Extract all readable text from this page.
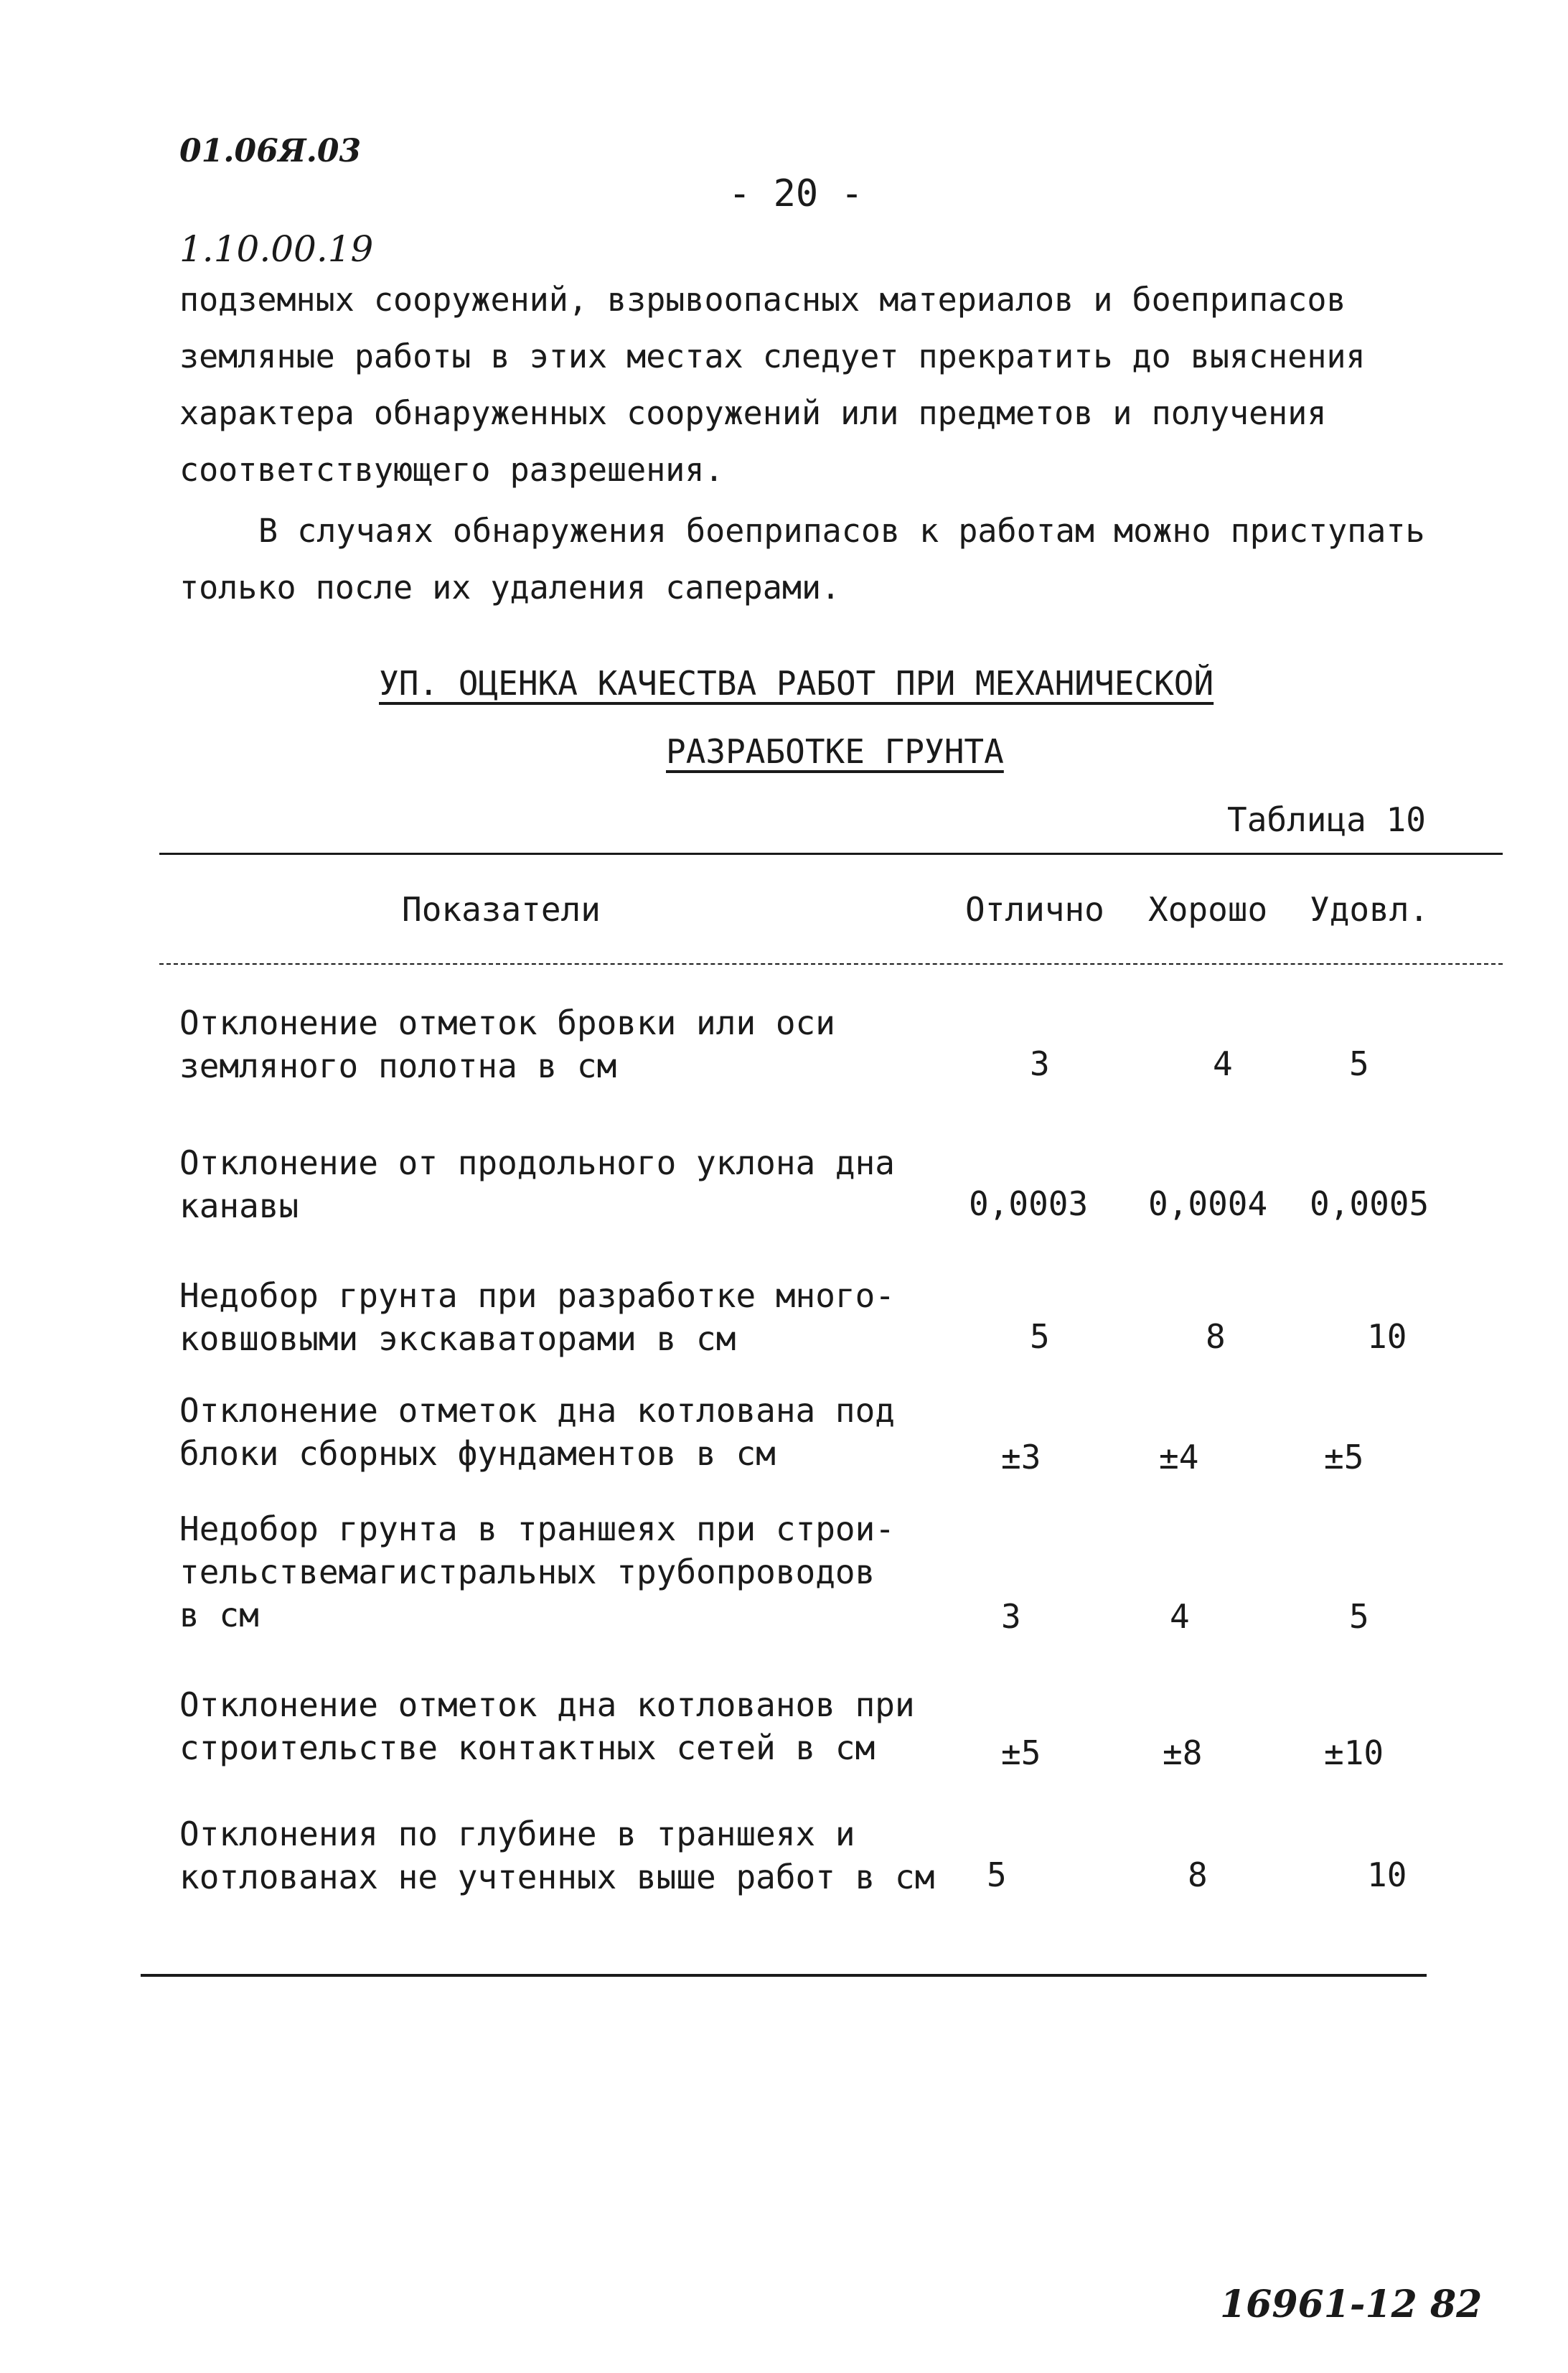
01.06Я.03
- 20 -
1.10.00.19
подземных сооружений, взрывоопасных материалов и боеприпасов
земляные работы в этих местах следует прекратить до выяснения
характера обнаруженных сооружений или предметов и получения
соответствующего разрешения.
В случаях обнаружения боеприпасов к работам можно приступать
только после их удаления саперами.
УП. ОЦЕНКА КАЧЕСТВА РАБОТ ПРИ МЕХАНИЧЕСКОЙ
РАЗРАБОТКЕ ГРУНТА
Таблица 10
Показатели	Отлично Хорошо Удовл.
Отклонение отметок бровки или оси
земляного полотна в см	3	4	5
Отклонение от продольного уклона дна
канавы	0,0003 0,0004 0,0005
Недобор грунта при разработке много-
ковшовыми экскаваторами в см	5	8	10
Отклонение отметок дна котлована под
блоки сборных фундаментов в см	±3	±4	±5
Недобор грунта в траншеях при строи-
тельствемагистральных трубопроводов
в см	3	4	5
Отклонение отметок дна котлованов при
строительстве контактных сетей в см	±5	±8	±10
Отклонения по глубине в траншеях и
котлованах не учтенных выше работ в см 5	8	10
16961-12 82
